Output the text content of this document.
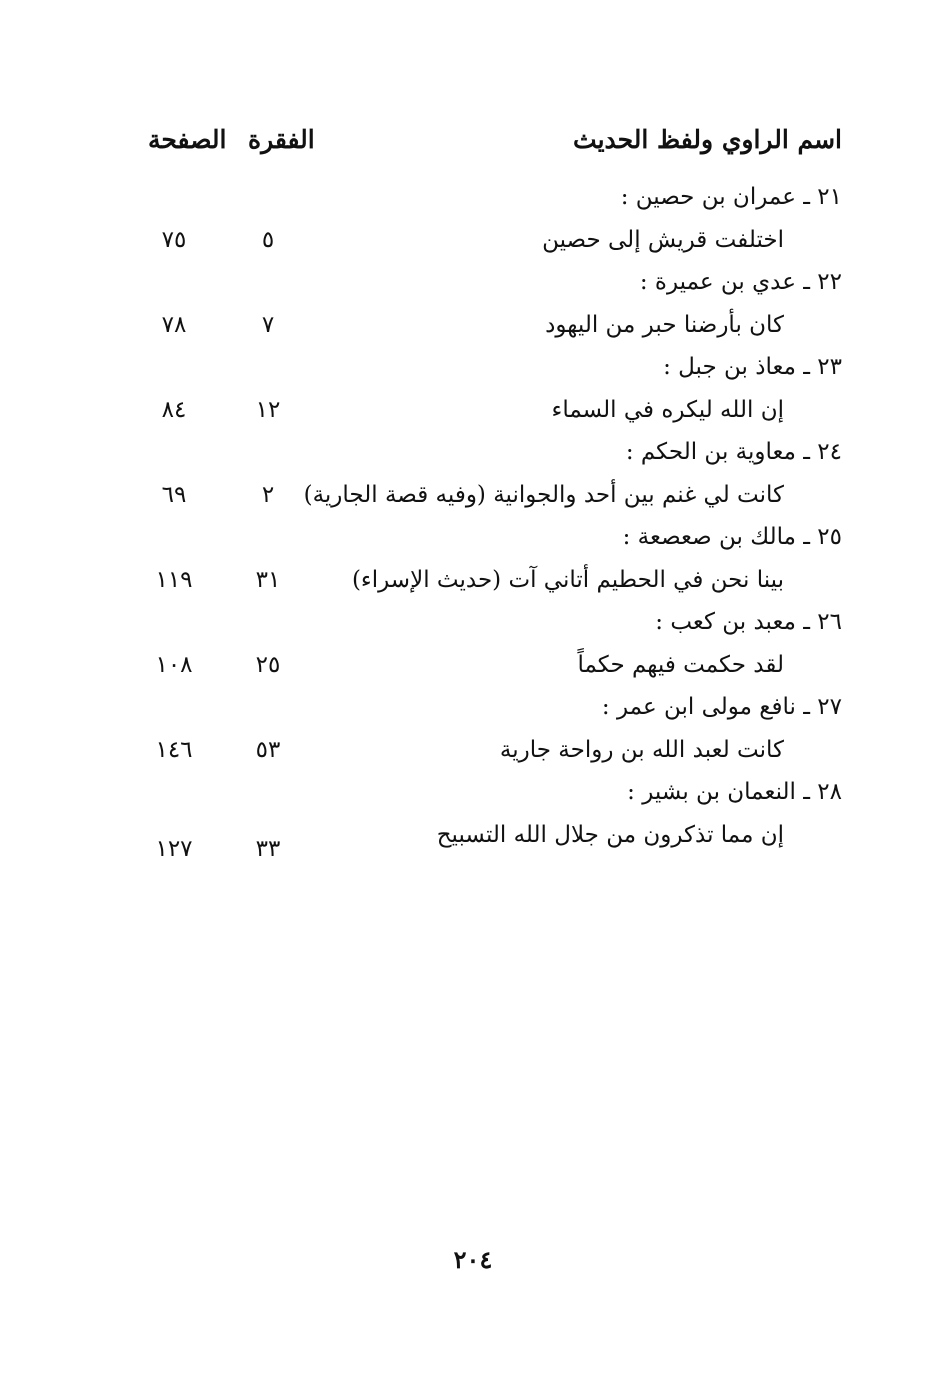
اسم الراوي ولفظ الحديث
الفقرة
الصفحة
٢١ ـ عمران بن حصين :
اختلفت قريش إلى حصين
٥
٧٥
٢٢ ـ عدي بن عميرة :
كان بأرضنا حبر من اليهود
٧
٧٨
٢٣ ـ معاذ بن جبل :
إن الله ليكره في السماء
١٢
٨٤
٢٤ ـ معاوية بن الحكم :
كانت لي غنم بين أحد والجوانية (وفيه قصة الجارية)
٢
٦٩
٢٥ ـ مالك بن صعصعة :
بينا نحن في الحطيم أتاني آت (حديث الإسراء)
٣١
١١٩
٢٦ ـ معبد بن كعب :
لقد حكمت فيهم حكماً
٢٥
١٠٨
٢٧ ـ نافع مولى ابن عمر :
كانت لعبد الله بن رواحة جارية
٥٣
١٤٦
٢٨ ـ النعمان بن بشير :
إن مما تذكرون من جلال الله التسبيح
٣٣
١٢٧
٢٠٤
